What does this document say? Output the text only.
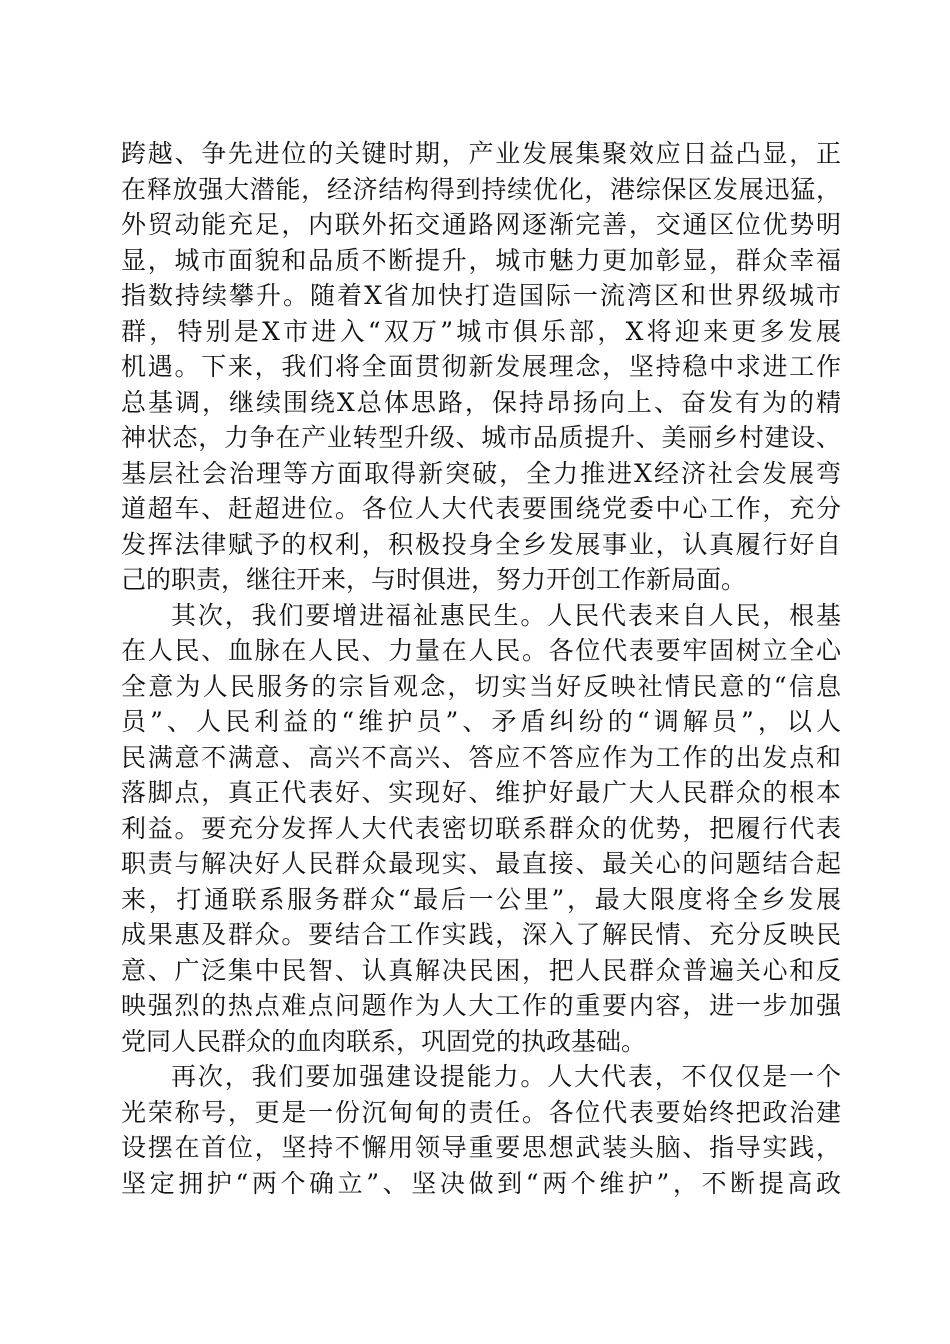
跨越、争先进位的关键时期，产业发展集聚效应日益凸显，正
在释放强大潜能，经济结构得到持续优化，港综保区发展迅猛，
外贸动能充足，内联外拓交通路网逐渐完善，交通区位优势明
显，城市面貌和品质不断提升，城市魅力更加彰显，群众幸福
指数持续攀升。随着X省加快打造国际一流湾区和世界级城市
群，特别是X市进入“双万”城市俱乐部，X将迎来更多发展
机遇。下来，我们将全面贯彻新发展理念，坚持稳中求进工作
总基调，继续围绕X总体思路，保持昂扬向上、奋发有为的精
神状态，力争在产业转型升级、城市品质提升、美丽乡村建设、
基层社会治理等方面取得新突破，全力推进X经济社会发展弯
道超车、赶超进位。各位人大代表要围绕党委中心工作，充分
发挥法律赋予的权利，积极投身全乡发展事业，认真履行好自
己的职责，继往开来，与时俱进，努力开创工作新局面。
其次，我们要增进福祉惠民生。人民代表来自人民，根基
在人民、血脉在人民、力量在人民。各位代表要牢固树立全心
全意为人民服务的宗旨观念，切实当好反映社情民意的“信息
员”、人民利益的“维护员”、矛盾纠纷的“调解员”，以人
民满意不满意、高兴不高兴、答应不答应作为工作的出发点和
落脚点，真正代表好、实现好、维护好最广大人民群众的根本
利益。要充分发挥人大代表密切联系群众的优势，把履行代表
职责与解决好人民群众最现实、最直接、最关心的问题结合起
来，打通联系服务群众“最后一公里”，最大限度将全乡发展
成果惠及群众。要结合工作实践，深入了解民情、充分反映民
意、广泛集中民智、认真解决民困，把人民群众普遍关心和反
映强烈的热点难点问题作为人大工作的重要内容，进一步加强
党同人民群众的血肉联系，巩固党的执政基础。
再次，我们要加强建设提能力。人大代表，不仅仅是一个
光荣称号，更是一份沉甸甸的责任。各位代表要始终把政治建
设摆在首位，坚持不懈用领导重要思想武装头脑、指导实践，
坚定拥护“两个确立”、坚决做到“两个维护”，不断提高政
